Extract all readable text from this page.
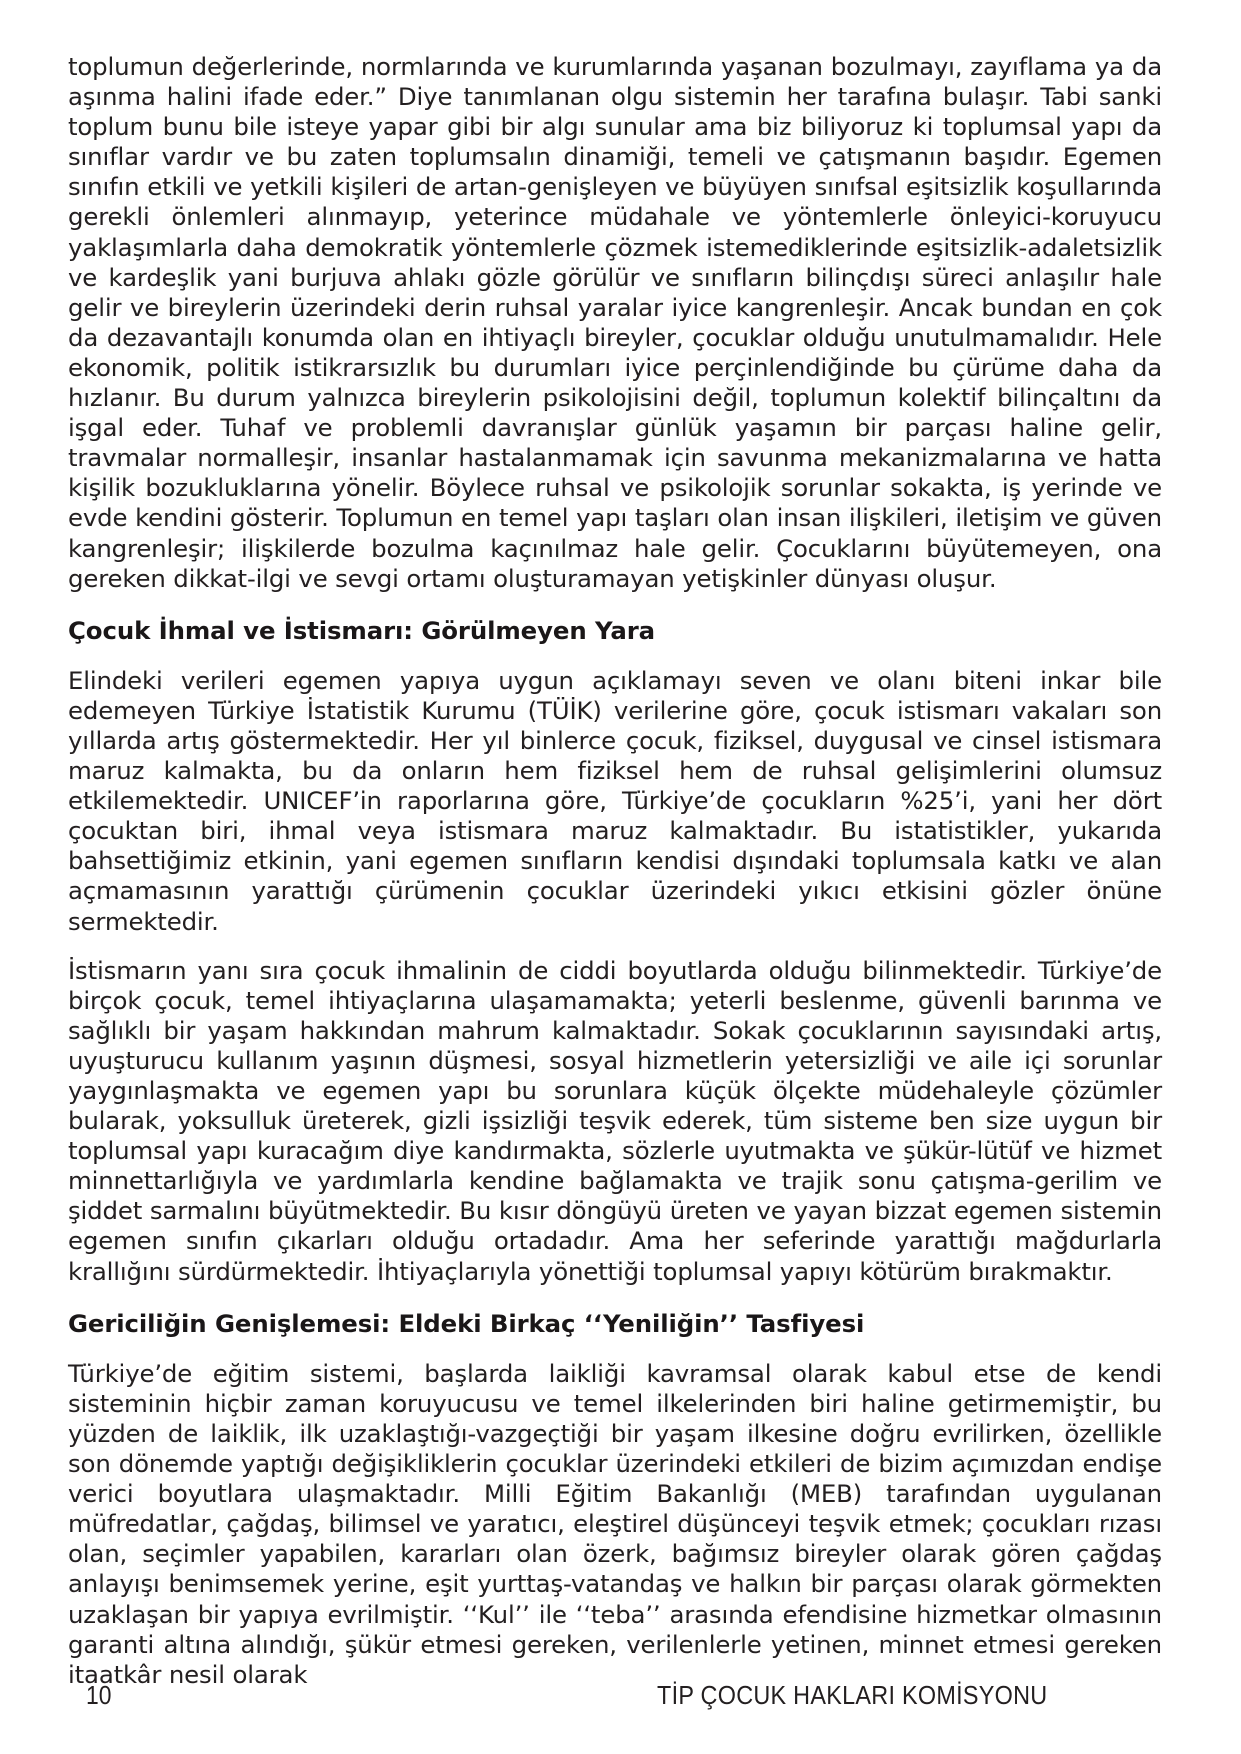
toplumun değerlerinde, normlarında ve kurumlarında yaşanan bozulmayı, zayıflama ya da aşınma halini ifade eder.” Diye tanımlanan olgu sistemin her tarafına bulaşır. Tabi sanki toplum bunu bile isteye yapar gibi bir algı sunular ama biz biliyoruz ki toplumsal yapı da sınıflar vardır ve bu zaten toplumsalın dinamiği, temeli ve çatışmanın başıdır. Egemen sınıfın etkili ve yetkili kişileri de artan-genişleyen ve büyüyen sınıfsal eşitsizlik koşullarında gerekli önlemleri alınmayıp, yeterince müdahale ve yöntemlerle önleyici-koruyucu yaklaşımlarla daha demokratik yöntemlerle çözmek istemediklerinde eşitsizlik-adaletsizlik ve kardeşlik yani burjuva ahlakı gözle görülür ve sınıfların bilinçdışı süreci anlaşılır hale gelir ve bireylerin üzerindeki derin ruhsal yaralar iyice kangrenleşir. Ancak bundan en çok da dezavantajlı konumda olan en ihtiyaçlı bireyler, çocuklar olduğu unutulmamalıdır. Hele ekonomik, politik istikrarsızlık bu durumları iyice perçinlendiğinde bu çürüme daha da hızlanır. Bu durum yalnızca bireylerin psikolojisini değil, toplumun kolektif bilinçaltını da işgal eder. Tuhaf ve problemli davranışlar günlük yaşamın bir parçası haline gelir, travmalar normalleşir, insanlar hastalanmamak için savunma mekanizmalarına ve hatta kişilik bozukluklarına yönelir. Böylece ruhsal ve psikolojik sorunlar sokakta, iş yerinde ve evde kendini gösterir. Toplumun en temel yapı taşları olan insan ilişkileri, iletişim ve güven kangrenleşir; ilişkilerde bozulma kaçınılmaz hale gelir. Çocuklarını büyütemeyen, ona gereken dikkat-ilgi ve sevgi ortamı oluşturamayan yetişkinler dünyası oluşur.

Çocuk İhmal ve İstismarı: Görülmeyen Yara

Elindeki verileri egemen yapıya uygun açıklamayı seven ve olanı biteni inkar bile edemeyen Türkiye İstatistik Kurumu (TÜİK) verilerine göre, çocuk istismarı vakaları son yıllarda artış göstermektedir. Her yıl binlerce çocuk, fiziksel, duygusal ve cinsel istismara maruz kalmakta, bu da onların hem fiziksel hem de ruhsal gelişimlerini olumsuz etkilemektedir. UNICEF’in raporlarına göre, Türkiye’de çocukların %25’i, yani her dört çocuktan biri, ihmal veya istismara maruz kalmaktadır. Bu istatistikler, yukarıda bahsettiğimiz etkinin, yani egemen sınıfların kendisi dışındaki toplumsala katkı ve alan açmamasının yarattığı çürümenin çocuklar üzerindeki yıkıcı etkisini gözler önüne sermektedir.

İstismarın yanı sıra çocuk ihmalinin de ciddi boyutlarda olduğu bilinmektedir. Türkiye’de birçok çocuk, temel ihtiyaçlarına ulaşamamakta; yeterli beslenme, güvenli barınma ve sağlıklı bir yaşam hakkından mahrum kalmaktadır. Sokak çocuklarının sayısındaki artış, uyuşturucu kullanım yaşının düşmesi, sosyal hizmetlerin yetersizliği ve aile içi sorunlar yaygınlaşmakta ve egemen yapı bu sorunlara küçük ölçekte müdehaleyle çözümler bularak, yoksulluk üreterek, gizli işsizliği teşvik ederek, tüm sisteme ben size uygun bir toplumsal yapı kuracağım diye kandırmakta, sözlerle uyutmakta ve şükür-lütüf ve hizmet minnettarlığıyla ve yardımlarla kendine bağlamakta ve trajik sonu çatışma-gerilim ve şiddet sarmalını büyütmektedir. Bu kısır döngüyü üreten ve yayan bizzat egemen sistemin egemen sınıfın çıkarları olduğu ortadadır. Ama her seferinde yarattığı mağdurlarla krallığını sürdürmektedir. İhtiyaçlarıyla yönettiği toplumsal yapıyı kötürüm bırakmaktır.

Gericiliğin Genişlemesi: Eldeki Birkaç ‘‘Yeniliğin’’ Tasfiyesi

Türkiye’de eğitim sistemi, başlarda laikliği kavramsal olarak kabul etse de kendi sisteminin hiçbir zaman koruyucusu ve temel ilkelerinden biri haline getirmemiştir, bu yüzden de laiklik, ilk uzaklaştığı-vazgeçtiği bir yaşam ilkesine doğru evrilirken, özellikle son dönemde yaptığı değişikliklerin çocuklar üzerindeki etkileri de bizim açımızdan endişe verici boyutlara ulaşmaktadır. Milli Eğitim Bakanlığı (MEB) tarafından uygulanan müfredatlar, çağdaş, bilimsel ve yaratıcı, eleştirel düşünceyi teşvik etmek; çocukları rızası olan, seçimler yapabilen, kararları olan özerk, bağımsız bireyler olarak gören çağdaş anlayışı benimsemek yerine, eşit yurttaş-vatandaş ve halkın bir parçası olarak görmekten uzaklaşan bir yapıya evrilmiştir. ‘‘Kul’’ ile ‘‘teba’’ arasında efendisine hizmetkar olmasının garanti altına alındığı, şükür etmesi gereken, verilenlerle yetinen, minnet etmesi gereken itaatkâr nesil olarak

10	TİP ÇOCUK HAKLARI KOMİSYONU
